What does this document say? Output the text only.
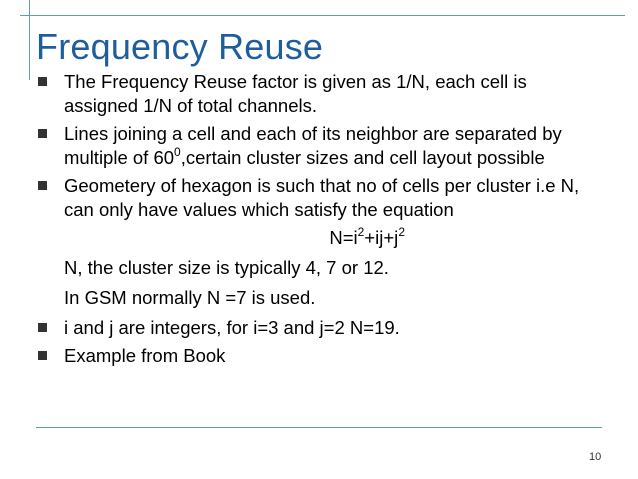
Frequency Reuse
The Frequency Reuse factor is given as 1/N, each cell is assigned 1/N of total channels.
Lines joining a cell and each of its neighbor are separated by multiple of $60^0,certain$ cluster sizes and cell layout possible
Geometery of hexagon is such that no of cells per cluster i.e N, can only have values which satisfy the equation
$N=i^2+ij+j^2$
N, the cluster size is typically 4, 7 or 12.
In GSM normally N =7 is used.
i and j are integers, for i=3 and j=2 N=19.
Example from Book
10
